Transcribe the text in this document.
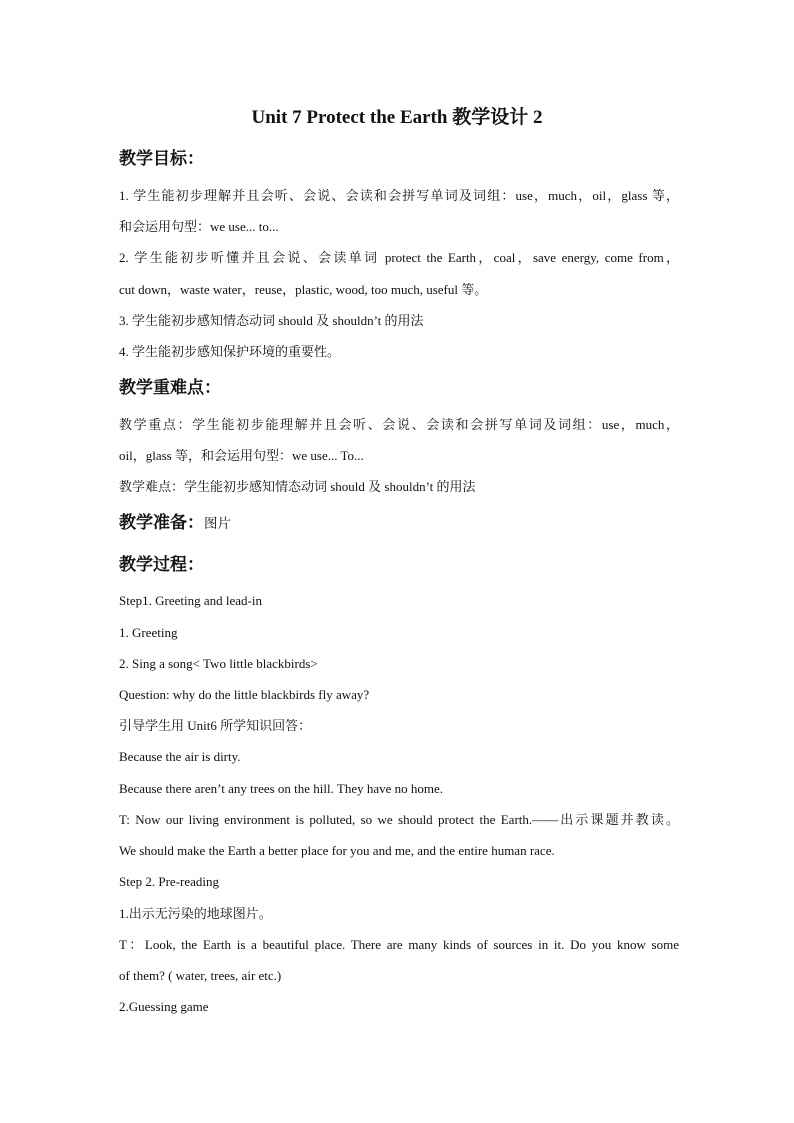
Unit 7 Protect the Earth 教学设计 2
教学目标：
1. 学生能初步理解并且会听、会说、会读和会拼写单词及词组：use，much，oil，glass 等，
和会运用句型：we use... to...
2. 学生能初步听懂并且会说、会读单词 protect the Earth，coal，save energy, come from，
cut down，waste water，reuse，plastic, wood, too much, useful 等。
3. 学生能初步感知情态动词 should 及 shouldn’t 的用法
4. 学生能初步感知保护环境的重要性。
教学重难点：
教学重点：学生能初步能理解并且会听、会说、会读和会拼写单词及词组：use，much，
oil，glass 等，和会运用句型：we use... To...
教学难点：学生能初步感知情态动词 should 及 shouldn’t 的用法
教学准备：图片
教学过程：
Step1. Greeting and lead-in
1. Greeting
2. Sing a song< Two little blackbirds>
Question: why do the little blackbirds fly away?
引导学生用 Unit6 所学知识回答：
Because the air is dirty.
Because there aren’t any trees on the hill. They have no home.
T: Now our living environment is polluted, so we should protect the Earth.——出示课题并教读。
We should make the Earth a better place for you and me, and the entire human race.
Step 2. Pre-reading
1.出示无污染的地球图片。
T：Look, the Earth is a beautiful place. There are many kinds of sources in it. Do you know some
of them? ( water, trees, air etc.)
2.Guessing game
